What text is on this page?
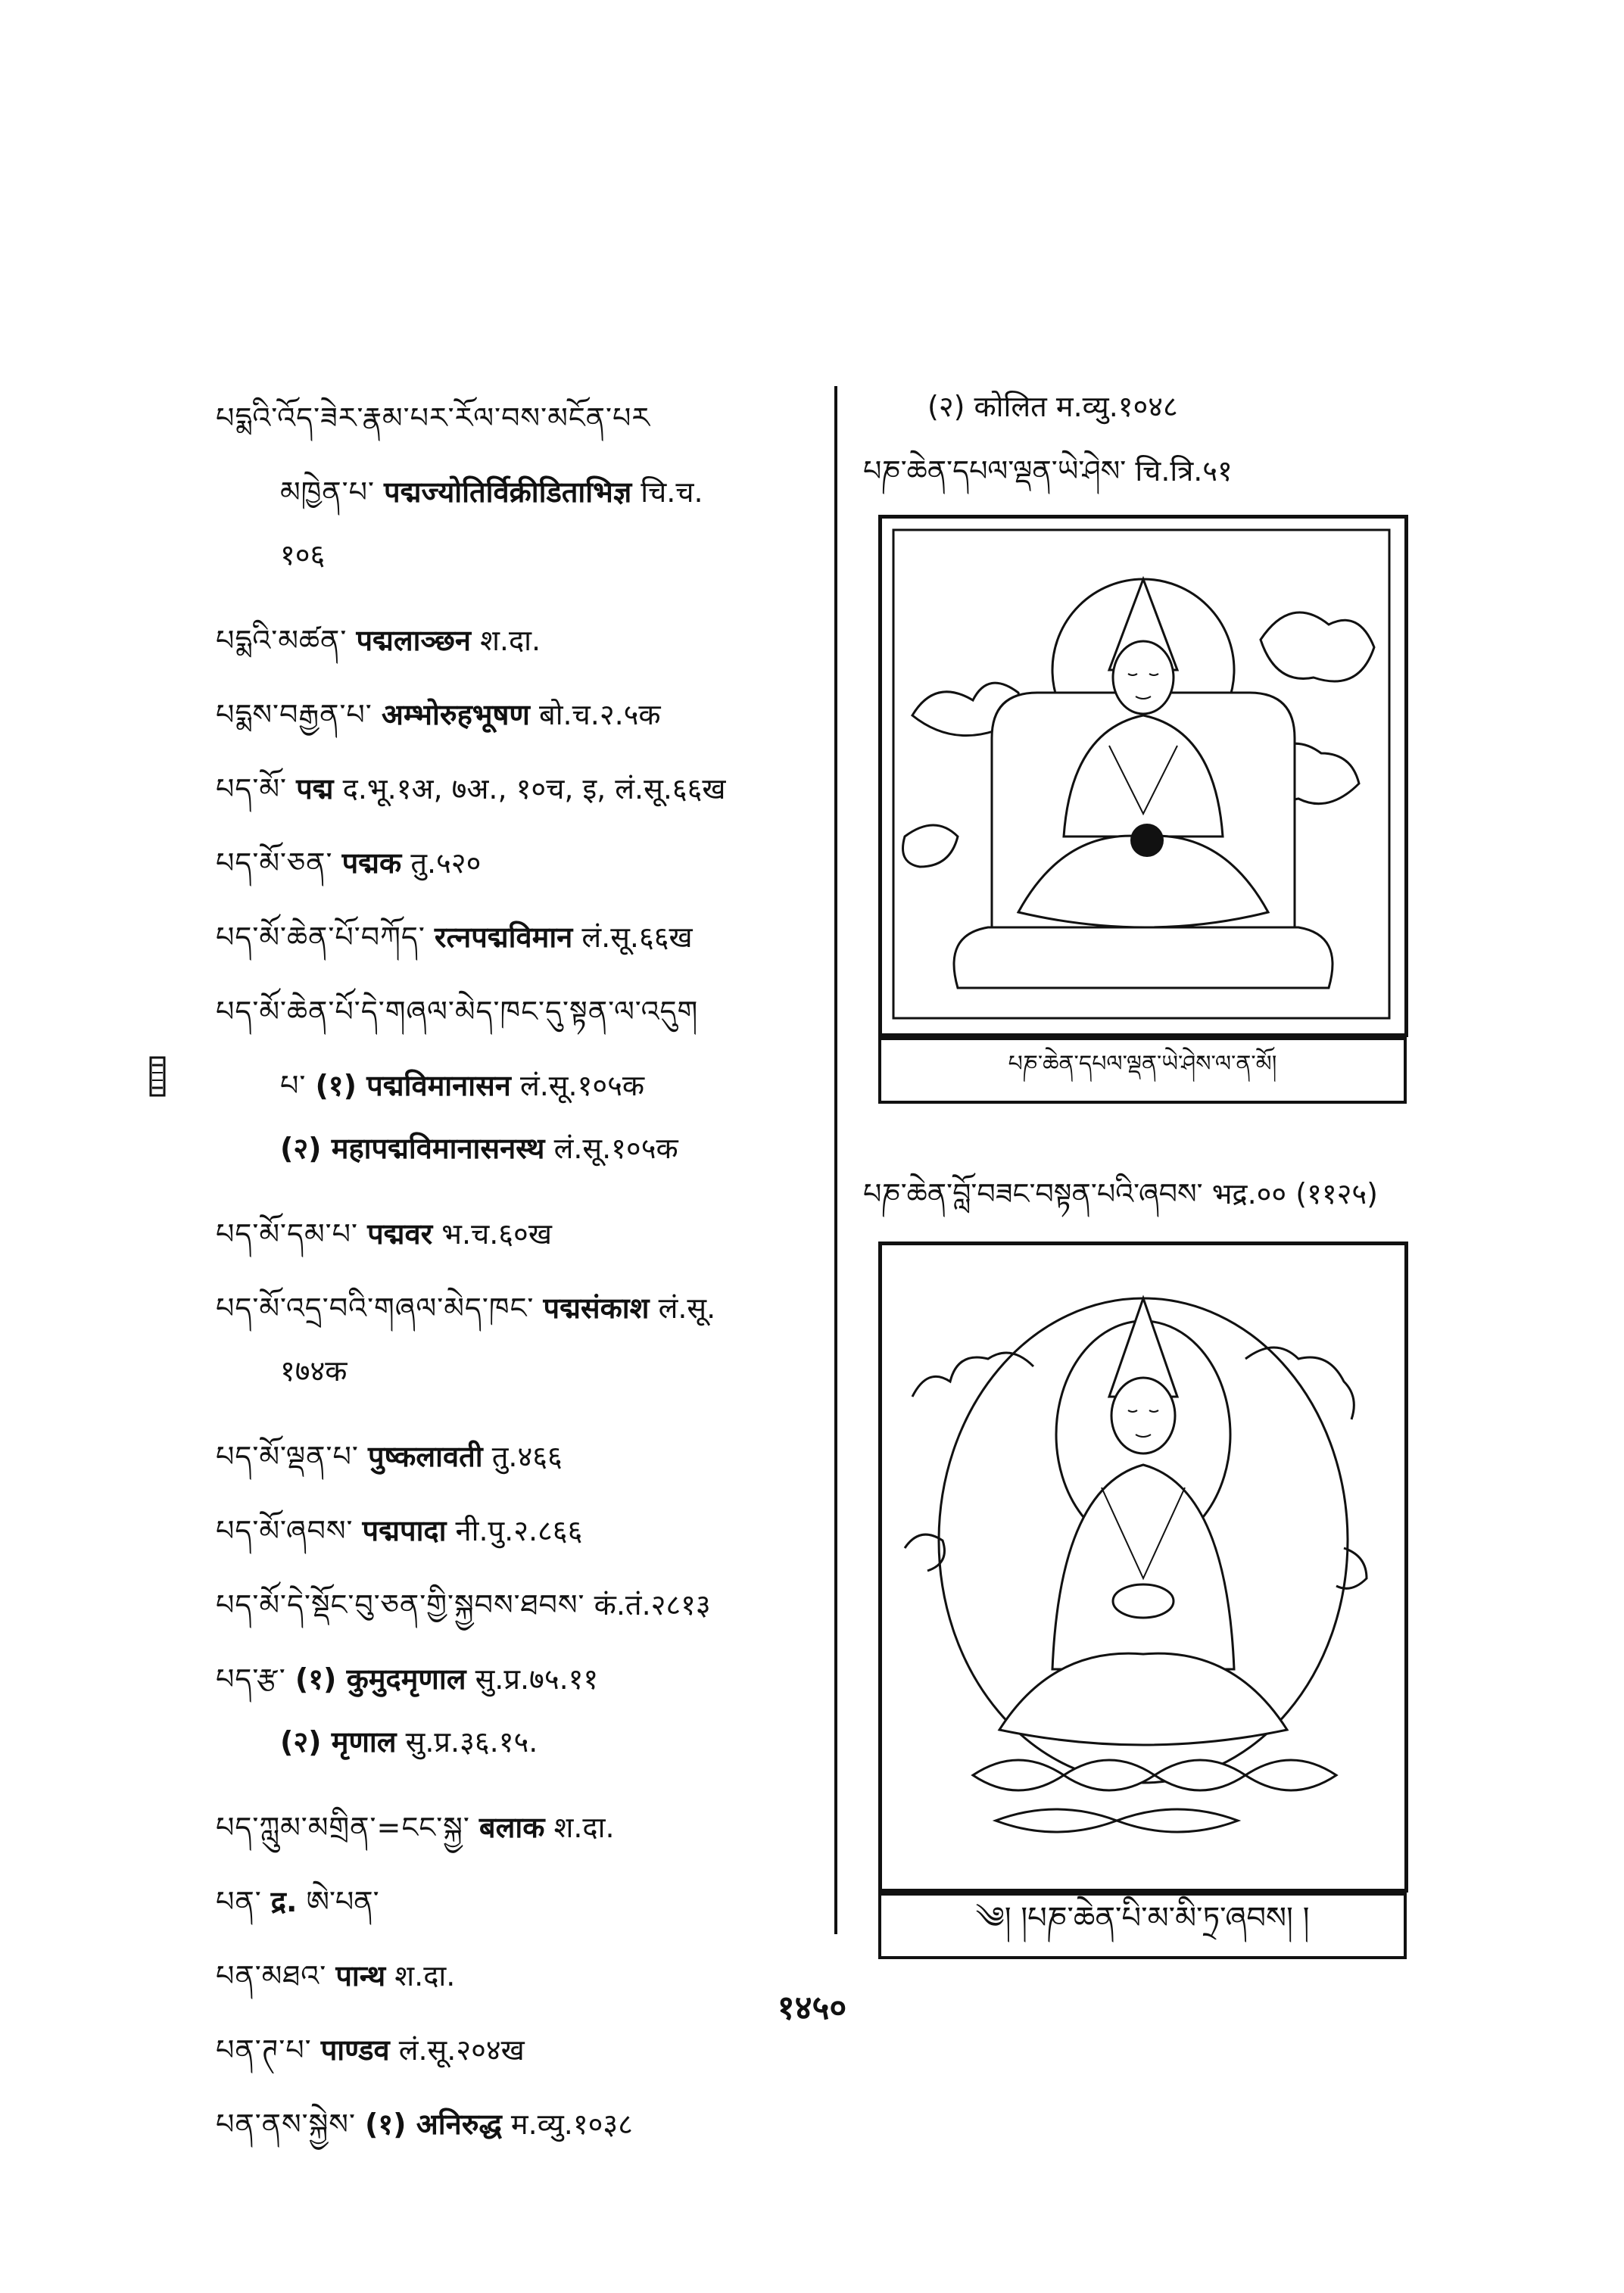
པདྨའི་འོད་ཟེར་རྣམ་པར་རོལ་བས་མངོན་པར
མཁྱེན་པ་ पद्मज्योतिर्विक्रीडिताभिज्ञ चि.च.
१०६
པདྨའི་མཚན་ पद्मलाञ्छन श.दा.
པདྨས་བརྒྱན་པ་ अम्भोरुहभूषण बो.च.२.५क
པད་མོ་ पद्म द.भू.१अ, ७अ., १०च, इ, लं.सू.६६ख
པད་མོ་ཅན་ पद्मक तु.५२०
པད་མོ་ཆེན་པོ་བཀོད་ रत्नपद्मविमान लं.सू.६६ख
པད་མོ་ཆེན་པོ་དེ་གཞལ་མེད་ཁང་དུ་སྟན་ལ་འདུག
པ་ (१) पद्मविमानासन लं.सू.१०५क
(२) महापद्मविमानासनस्थ लं.सू.१०५क
པད་མོ་དམ་པ་ पद्मवर भ.च.६०ख
པད་མོ་འདྲ་བའི་གཞལ་མེད་ཁང་ पद्मसंकाश लं.सू.
१७४क
པད་མོ་ལྡན་པ་ पुष्कलावती तु.४६६
པད་མོ་ཞབས་ पद्मपादा नी.पु.२.८६६
པད་མོ་དེ་སྡོང་བུ་ཅན་གྱི་སྐྱབས་ཐབས་ कं.तं.२८१३
པད་རྩ་ (१) कुमुदमृणाल सु.प्र.७५.११
(२) मृणाल सु.प्र.३६.१५.
པད་ཀླུམ་མགྲིན་=ངང་སྐྱ་ बलाक श.दा.
པན་ द्र. ཨེ་པན་
པན་མཐའ་ पान्थ श.दा.
པན་ཊ་པ་ पाण्डव लं.सू.२०४ख
པན་ནས་སྐྱེས་ (१) अनिरुद्ध म.व्यु.१०३८
(२) कोलित म.व्यु.१०४८
པཎ་ཆེན་དཔལ་ལྡན་ཡེ་ཤེས་ चि.त्रि.५१
པཎ་ཆེན་དཔལ་ལྡན་ཡེ་ཤེས་ལ་ན་མོ།
པཎ་ཆེན་བློ་བཟང་བསྟན་པའི་ཞབས་ भद्र.०० (११२५)
༄། །པཎ་ཆེན་པི་མ་མི་ཏྲ་ཞབས། །
१४५०
